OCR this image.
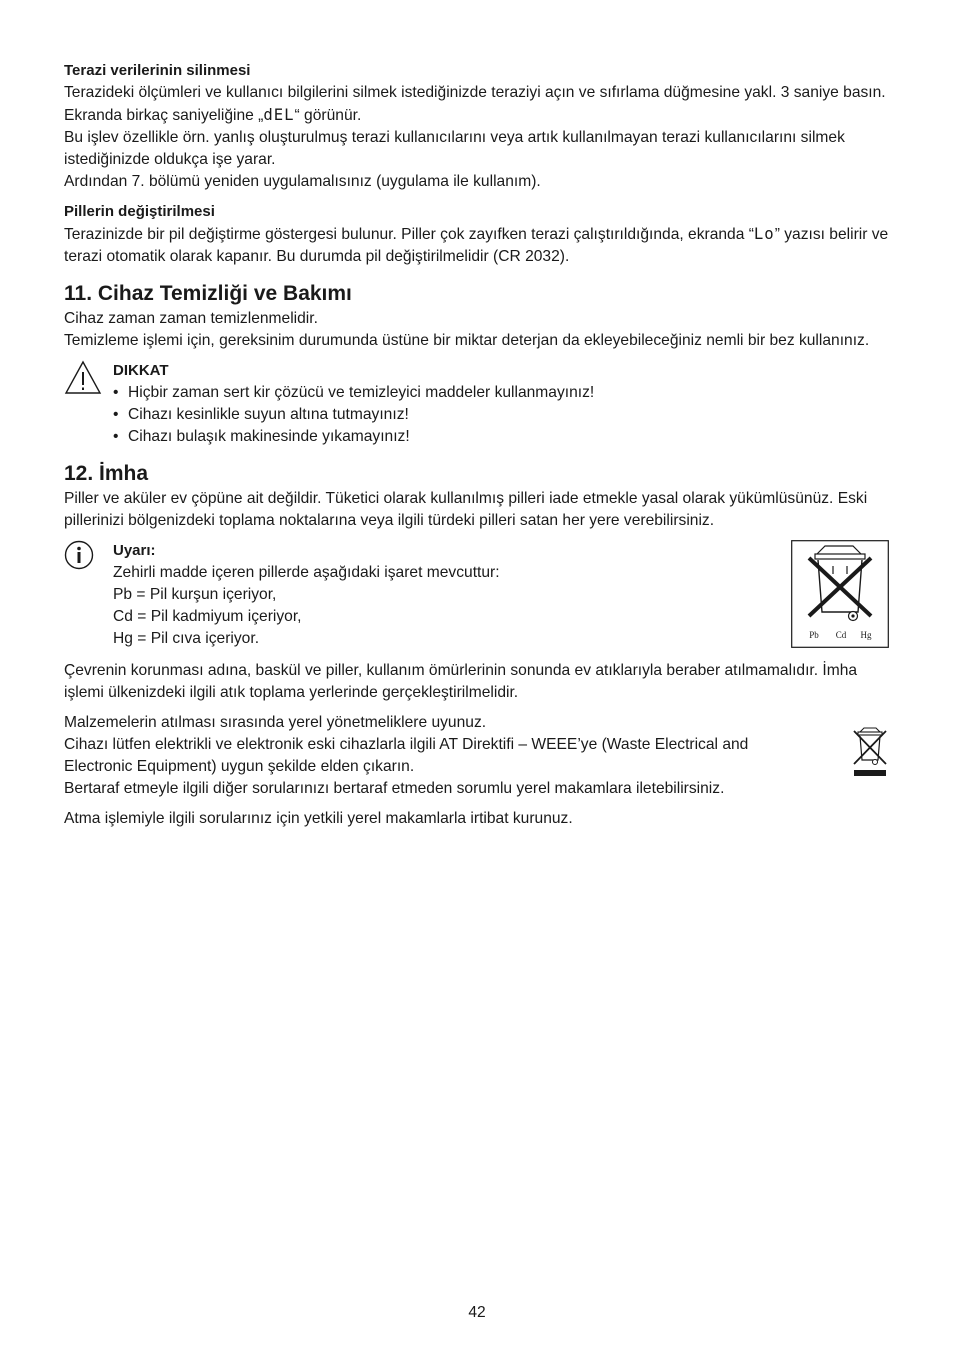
Terazi verilerinin silinmesi

Terazideki ölçümleri ve kullanıcı bilgilerini silmek istediğinizde teraziyi açın ve sıfırlama düğmesine yakl. 3 saniye basın.

Ekranda birkaç saniyeliğine „dEL“ görünür.

Bu işlev özellikle örn. yanlış oluşturulmuş terazi kullanıcılarını veya artık kullanılmayan terazi kullanıcılarını silmek istediğinizde oldukça işe yarar.

Ardından 7. bölümü yeniden uygulamalısınız (uygulama ile kullanım).

Pillerin değiştirilmesi

Terazinizde bir pil değiştirme göstergesi bulunur. Piller çok zayıfken terazi çalıştırıldığında, ekranda “Lo” yazısı belirir ve terazi otomatik olarak kapanır. Bu durumda pil değiştirilmelidir (CR 2032).

11. Cihaz Temizliği ve Bakımı

Cihaz zaman zaman temizlenmelidir.

Temizleme işlemi için, gereksinim durumunda üstüne bir miktar deterjan da ekleyebileceğiniz nemli bir bez kullanınız.

DIKKAT
• Hiçbir zaman sert kir çözücü ve temizleyici maddeler kullanmayınız!
• Cihazı kesinlikle suyun altına tutmayınız!
• Cihazı bulaşık makinesinde yıkamayınız!
12. İmha

Piller ve aküler ev çöpüne ait değildir. Tüketici olarak kullanılmış pilleri iade etmekle yasal olarak yükümlüsünüz. Eski pillerinizi bölgenizdeki toplama noktalarına veya ilgili türdeki pilleri satan her yere verebilirsiniz.

Uyarı:

Zehirli madde içeren pillerde aşağıdaki işaret mevcuttur:

Pb = Pil kurşun içeriyor,

Cd = Pil kadmiyum içeriyor,

Hg = Pil cıva içeriyor.	Pb Cd Hg

Çevrenin korunması adına, baskül ve piller, kullanım ömürlerinin sonunda ev atıklarıyla beraber atılmamalıdır. İmha işlemi ülkenizdeki ilgili atık toplama yerlerinde gerçekleştirilmelidir.

Malzemelerin atılması sırasında yerel yönetmeliklere uyunuz.

Cihazı lütfen elektrikli ve elektronik eski cihazlarla ilgili AT Direktifi – WEEE’ye (Waste Electrical and Electronic Equipment) uygun şekilde elden çıkarın.

Bertaraf etmeyle ilgili diğer sorularınızı bertaraf etmeden sorumlu yerel makamlara iletebilirsiniz.

Atma işlemiyle ilgili sorularınız için yetkili yerel makamlarla irtibat kurunuz.

42
